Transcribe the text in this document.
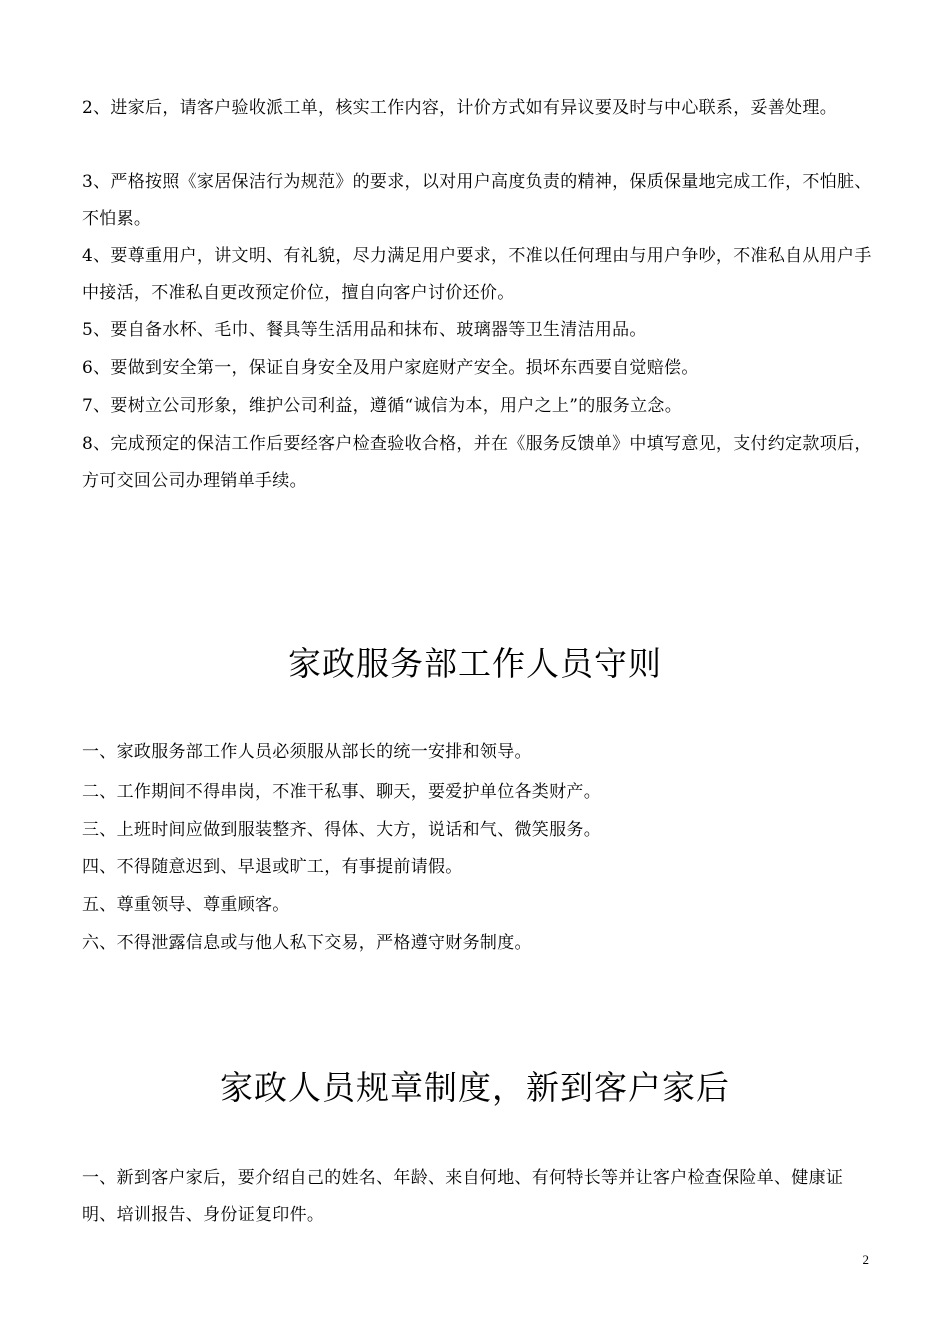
2、进家后，请客户验收派工单，核实工作内容，计价方式如有异议要及时与中心联系，妥善处理。

3、严格按照《家居保洁行为规范》的要求，以对用户高度负责的精神，保质保量地完成工作，不怕脏、不怕累。

4、要尊重用户，讲文明、有礼貌，尽力满足用户要求，不准以任何理由与用户争吵，不准私自从用户手中接活，不准私自更改预定价位，擅自向客户讨价还价。

5、要自备水杯、毛巾、餐具等生活用品和抹布、玻璃器等卫生清洁用品。

6、要做到安全第一，保证自身安全及用户家庭财产安全。损坏东西要自觉赔偿。

7、要树立公司形象，维护公司利益，遵循“诚信为本，用户之上”的服务立念。

8、完成预定的保洁工作后要经客户检查验收合格，并在《服务反馈单》中填写意见，支付约定款项后，方可交回公司办理销单手续。

家政服务部工作人员守则

一、家政服务部工作人员必须服从部长的统一安排和领导。

二、工作期间不得串岗，不准干私事、聊天，要爱护单位各类财产。

三、上班时间应做到服装整齐、得体、大方，说话和气、微笑服务。

四、不得随意迟到、早退或旷工，有事提前请假。

五、尊重领导、尊重顾客。

六、不得泄露信息或与他人私下交易，严格遵守财务制度。

家政人员规章制度，新到客户家后

一、新到客户家后，要介绍自己的姓名、年龄、来自何地、有何特长等并让客户检查保险单、健康证明、培训报告、身份证复印件。

2
